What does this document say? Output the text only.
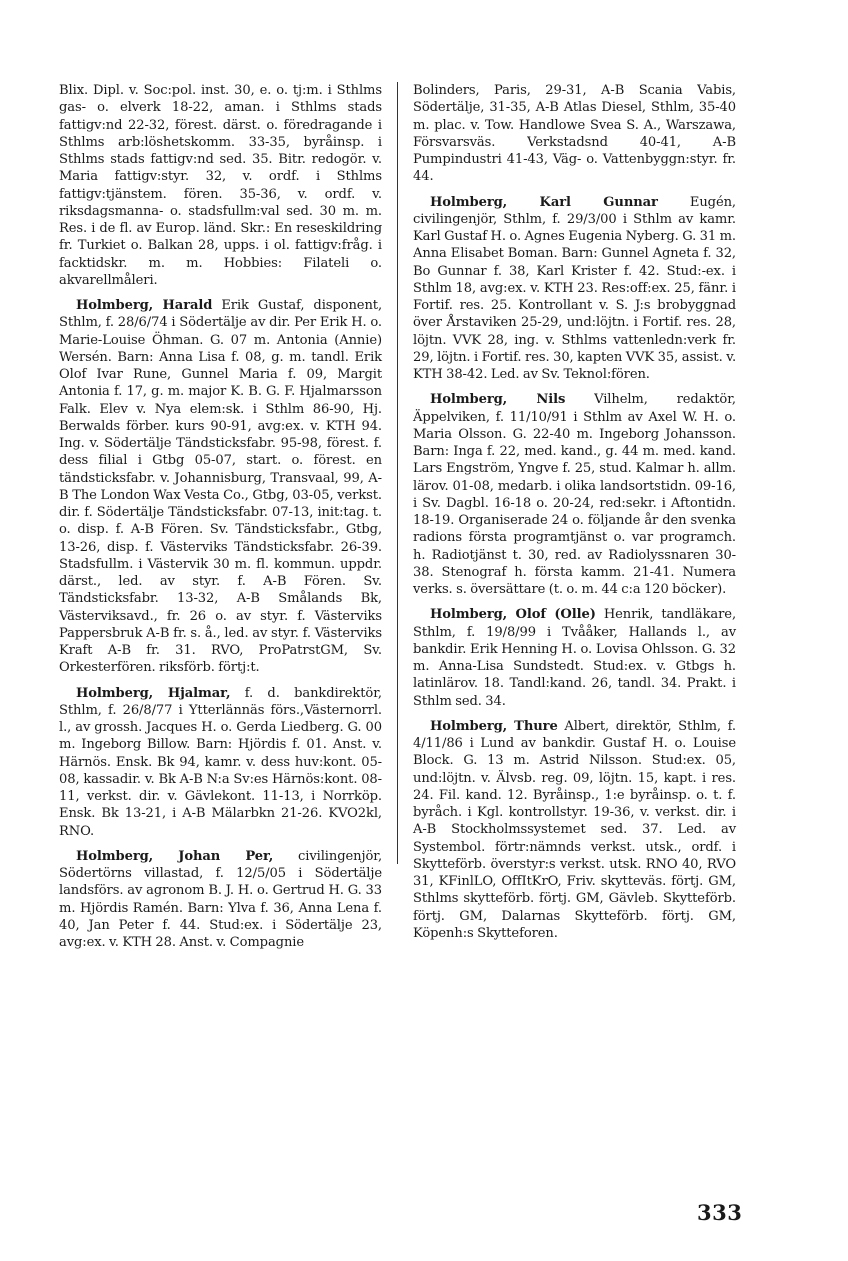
Blix. Dipl. v. Soc:pol. inst. 30, e. o. tj:m. i Sthlms gas- o. elverk 18-22, aman. i Sthlms stads fattigv:nd 22-32, förest. därst. o. föredragande i Sthlms arb:löshetskomm. 33-35, byråinsp. i Sthlms stads fattigv:nd sed. 35. Bitr. redogör. v. Maria fattigv:styr. 32, v. ordf. i Sthlms fattigv:tjänstem. fören. 35-36, v. ordf. v. riksdagsmanna- o. stadsfullm:val sed. 30 m. m. Res. i de fl. av Europ. länd. Skr.: En reseskildring fr. Turkiet o. Balkan 28, upps. i ol. fattigv:fråg. i facktidskr. m. m. Hobbies: Filateli o. akvarellmåleri.

Holmberg, Harald Erik Gustaf, disponent, Sthlm, f. 28/6/74 i Södertälje av dir. Per Erik H. o. Marie-Louise Öhman. G. 07 m. Antonia (Annie) Wersén. Barn: Anna Lisa f. 08, g. m. tandl. Erik Olof Ivar Rune, Gunnel Maria f. 09, Margit Antonia f. 17, g. m. major K. B. G. F. Hjalmarsson Falk. Elev v. Nya elem:sk. i Sthlm 86-90, Hj. Berwalds förber. kurs 90-91, avg:ex. v. KTH 94. Ing. v. Södertälje Tändsticksfabr. 95-98, förest. f. dess filial i Gtbg 05-07, start. o. förest. en tändsticksfabr. v. Johannisburg, Transvaal, 99, A-B The London Wax Vesta Co., Gtbg, 03-05, verkst. dir. f. Södertälje Tändsticksfabr. 07-13, init:tag. t. o. disp. f. A-B Fören. Sv. Tändsticksfabr., Gtbg, 13-26, disp. f. Västerviks Tändsticksfabr. 26-39. Stadsfullm. i Västervik 30 m. fl. kommun. uppdr. därst., led. av styr. f. A-B Fören. Sv. Tändsticksfabr. 13-32, A-B Smålands Bk, Västerviksavd., fr. 26 o. av styr. f. Västerviks Pappersbruk A-B fr. s. å., led. av styr. f. Västerviks Kraft A-B fr. 31. RVO, ProPatrstGM, Sv. Orkesterfören. riksförb. förtj:t.

Holmberg, Hjalmar, f. d. bankdirektör, Sthlm, f. 26/8/77 i Ytterlännäs förs.,Västernorrl. l., av grossh. Jacques H. o. Gerda Liedberg. G. 00 m. Ingeborg Billow. Barn: Hjördis f. 01. Anst. v. Härnös. Ensk. Bk 94, kamr. v. dess huv:kont. 05-08, kassadir. v. Bk A-B N:a Sv:es Härnös:kont. 08-11, verkst. dir. v. Gävlekont. 11-13, i Norrköp. Ensk. Bk 13-21, i A-B Mälarbkn 21-26. KVO2kl, RNO.

Holmberg, Johan Per, civilingenjör, Södertörns villastad, f. 12/5/05 i Södertälje landsförs. av agronom B. J. H. o. Gertrud H. G. 33 m. Hjördis Ramén. Barn: Ylva f. 36, Anna Lena f. 40, Jan Peter f. 44. Stud:ex. i Södertälje 23, avg:ex. v. KTH 28. Anst. v. Compagnie

Bolinders, Paris, 29-31, A-B Scania Vabis, Södertälje, 31-35, A-B Atlas Diesel, Sthlm, 35-40 m. plac. v. Tow. Handlowe Svea S. A., Warszawa, Försvarsväs. Verkstadsnd 40-41, A-B Pumpindustri 41-43, Väg- o. Vattenbyggn:styr. fr. 44.

Holmberg, Karl Gunnar Eugén, civilingenjör, Sthlm, f. 29/3/00 i Sthlm av kamr. Karl Gustaf H. o. Agnes Eugenia Nyberg. G. 31 m. Anna Elisabet Boman. Barn: Gunnel Agneta f. 32, Bo Gunnar f. 38, Karl Krister f. 42. Stud:-ex. i Sthlm 18, avg:ex. v. KTH 23. Res:off:ex. 25, fänr. i Fortif. res. 25. Kontrollant v. S. J:s brobyggnad över Årstaviken 25-29, und:löjtn. i Fortif. res. 28, löjtn. VVK 28, ing. v. Sthlms vattenledn:verk fr. 29, löjtn. i Fortif. res. 30, kapten VVK 35, assist. v. KTH 38-42. Led. av Sv. Teknol:fören.

Holmberg, Nils Vilhelm, redaktör, Äppelviken, f. 11/10/91 i Sthlm av Axel W. H. o. Maria Olsson. G. 22-40 m. Ingeborg Johansson. Barn: Inga f. 22, med. kand., g. 44 m. med. kand. Lars Engström, Yngve f. 25, stud. Kalmar h. allm. lärov. 01-08, medarb. i olika landsortstidn. 09-16, i Sv. Dagbl. 16-18 o. 20-24, red:sekr. i Aftontidn. 18-19. Organiserade 24 o. följande år den svenka radions första programtjänst o. var programch. h. Radiotjänst t. 30, red. av Radiolyssnaren 30-38. Stenograf h. första kamm. 21-41. Numera verks. s. översättare (t. o. m. 44 c:a 120 böcker).

Holmberg, Olof (Olle) Henrik, tandläkare, Sthlm, f. 19/8/99 i Tvååker, Hallands l., av bankdir. Erik Henning H. o. Lovisa Ohlsson. G. 32 m. Anna-Lisa Sundstedt. Stud:ex. v. Gtbgs h. latinlärov. 18. Tandl:kand. 26, tandl. 34. Prakt. i Sthlm sed. 34.

Holmberg, Thure Albert, direktör, Sthlm, f. 4/11/86 i Lund av bankdir. Gustaf H. o. Louise Block. G. 13 m. Astrid Nilsson. Stud:ex. 05, und:löjtn. v. Älvsb. reg. 09, löjtn. 15, kapt. i res. 24. Fil. kand. 12. Byråinsp., 1:e byråinsp. o. t. f. byråch. i Kgl. kontrollstyr. 19-36, v. verkst. dir. i A-B Stockholmssystemet sed. 37. Led. av Systembol. förtr:nämnds verkst. utsk., ordf. i Skytteförb. överstyr:s verkst. utsk. RNO 40, RVO 31, KFinlLO, OffItKrO, Friv. skytteväs. förtj. GM, Sthlms skytteförb. förtj. GM, Gävleb. Skytteförb. förtj. GM, Dalarnas Skytteförb. förtj. GM, Köpenh:s Skytteforen.

333
